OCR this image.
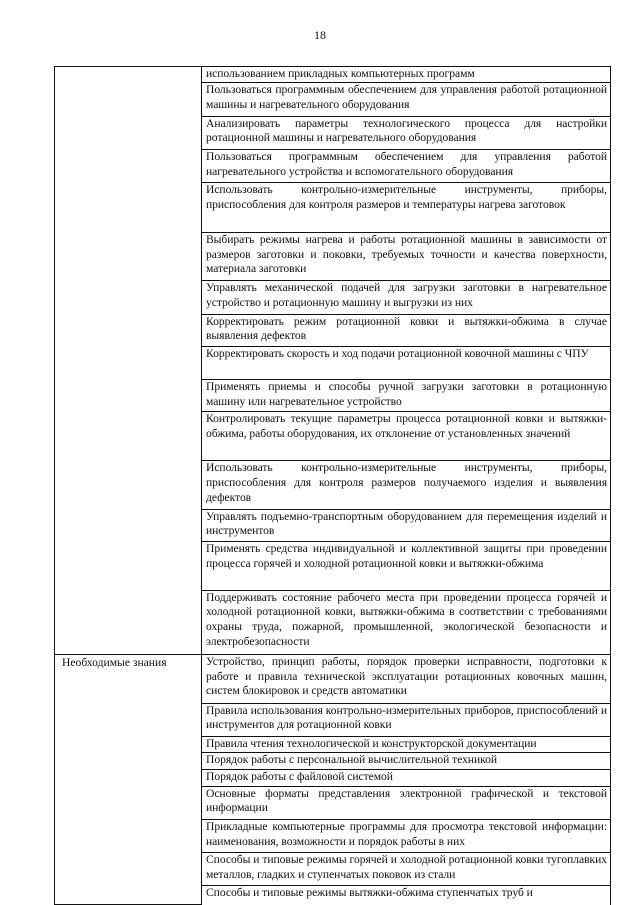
18

	использованием прикладных компьютерных программ

	Пользоваться программным обеспечением для управления работой ротационной машины и нагревательного оборудования

	Анализировать параметры технологического процесса для настройки ротационной машины и нагревательного оборудования

	Пользоваться программным обеспечением для управления работой нагревательного устройства и вспомогательного оборудования

	Использовать контрольно-измерительные инструменты, приборы, приспособления для контроля размеров и температуры нагрева заготовок

	Выбирать режимы нагрева и работы ротационной машины в зависимости от размеров заготовки и поковки, требуемых точности и качества поверхности, материала заготовки

	Управлять механической подачей для загрузки заготовки в нагревательное устройство и ротационную машину и выгрузки из них

	Корректировать режим ротационной ковки и вытяжки-обжима в случае выявления дефектов

	Корректировать скорость и ход подачи ротационной ковочной машины с ЧПУ

	Применять приемы и способы ручной загрузки заготовки в ротационную машину или нагревательное устройство

	Контролировать текущие параметры процесса ротационной ковки и вытяжки-обжима, работы оборудования, их отклонение от установленных значений

	Использовать контрольно-измерительные инструменты, приборы, приспособления для контроля размеров получаемого изделия и выявления дефектов

	Управлять подъемно-транспортным оборудованием для перемещения изделий и инструментов

	Применять средства индивидуальной и коллективной защиты при проведении процесса горячей и холодной ротационной ковки и вытяжки-обжима

	Поддерживать состояние рабочего места при проведении процесса горячей и холодной ротационной ковки, вытяжки-обжима в соответствии с требованиями охраны труда, пожарной, промышленной, экологической безопасности и электробезопасности

Необходимые знания	Устройство, принцип работы, порядок проверки исправности, подготовки к работе и правила технической эксплуатации ротационных ковочных машин, систем блокировок и средств автоматики

	Правила использования контрольно-измерительных приборов, приспособлений и инструментов для ротационной ковки

	Правила чтения технологической и конструкторской документации

	Порядок работы с персональной вычислительной техникой

	Порядок работы с файловой системой

	Основные форматы представления электронной графической и текстовой информации

	Прикладные компьютерные программы для просмотра текстовой информации: наименования, возможности и порядок работы в них

	Способы и типовые режимы горячей и холодной ротационной ковки тугоплавких металлов, гладких и ступенчатых поковок из стали

	Способы и типовые режимы вытяжки-обжима ступенчатых труб и
